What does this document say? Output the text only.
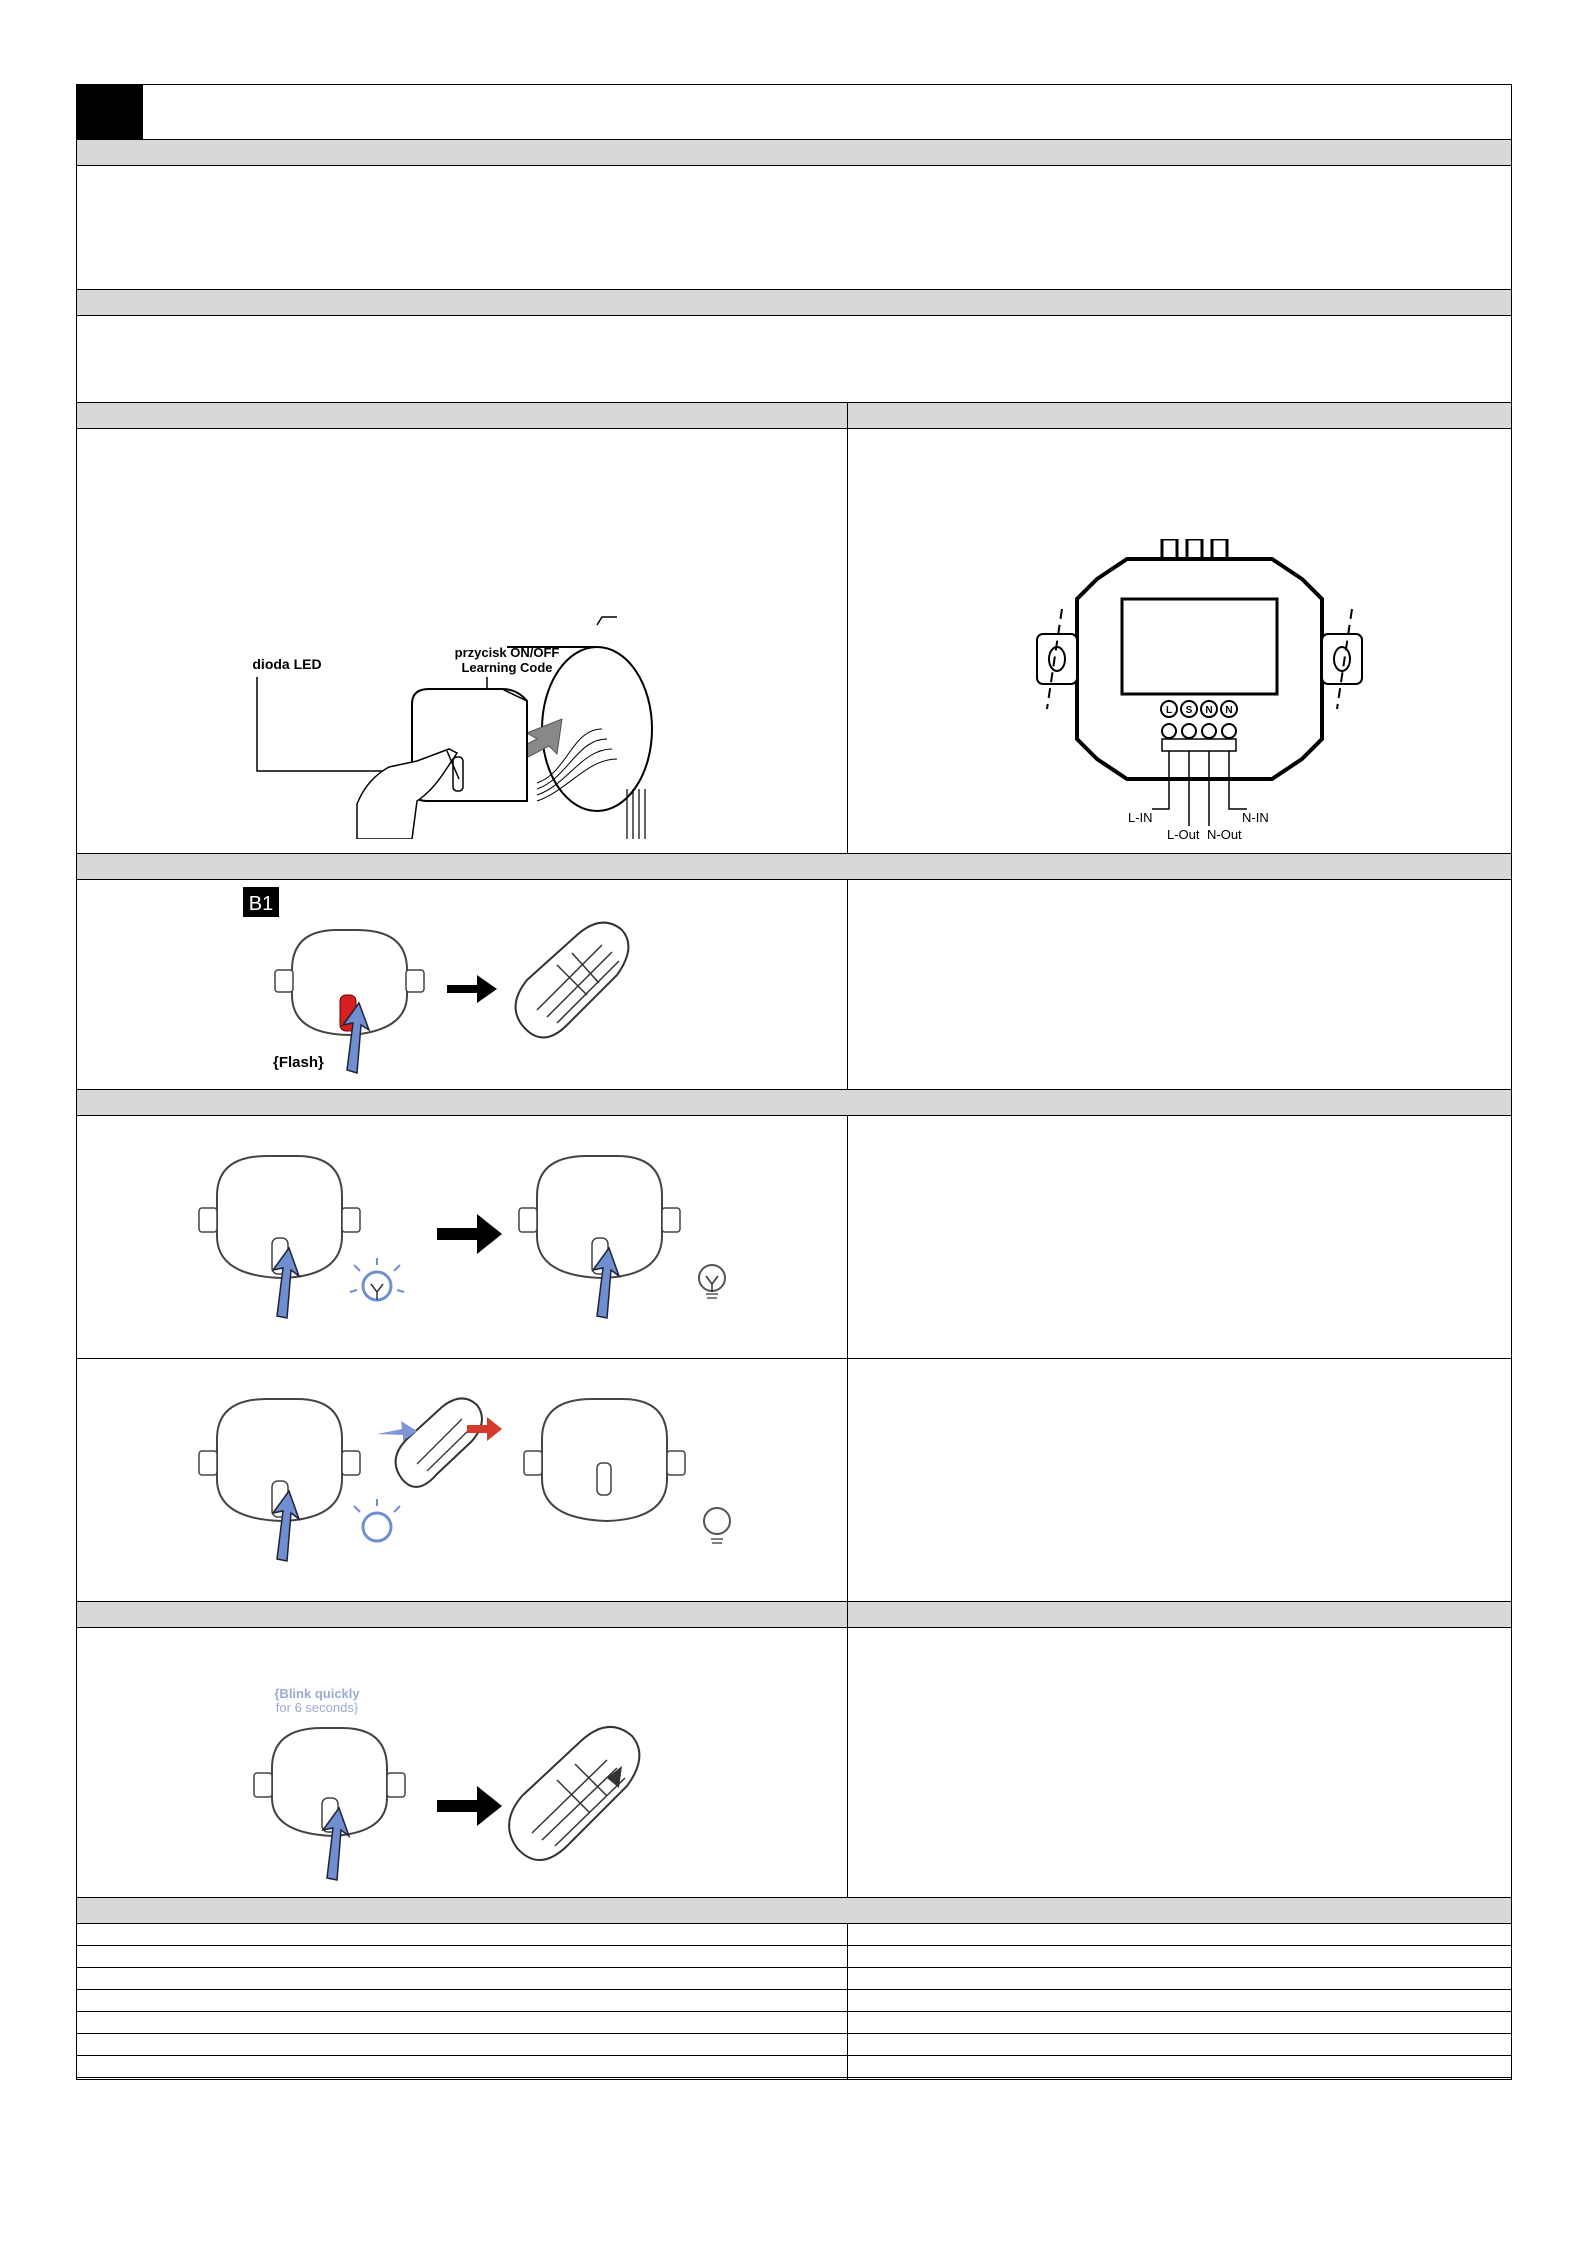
dioda LED
przycisk ON/OFF
Learning Code
L S N N
L-IN	N-IN
L-Out N-Out
B1
{Flash}
{Blink quickly
for 6 seconds}
